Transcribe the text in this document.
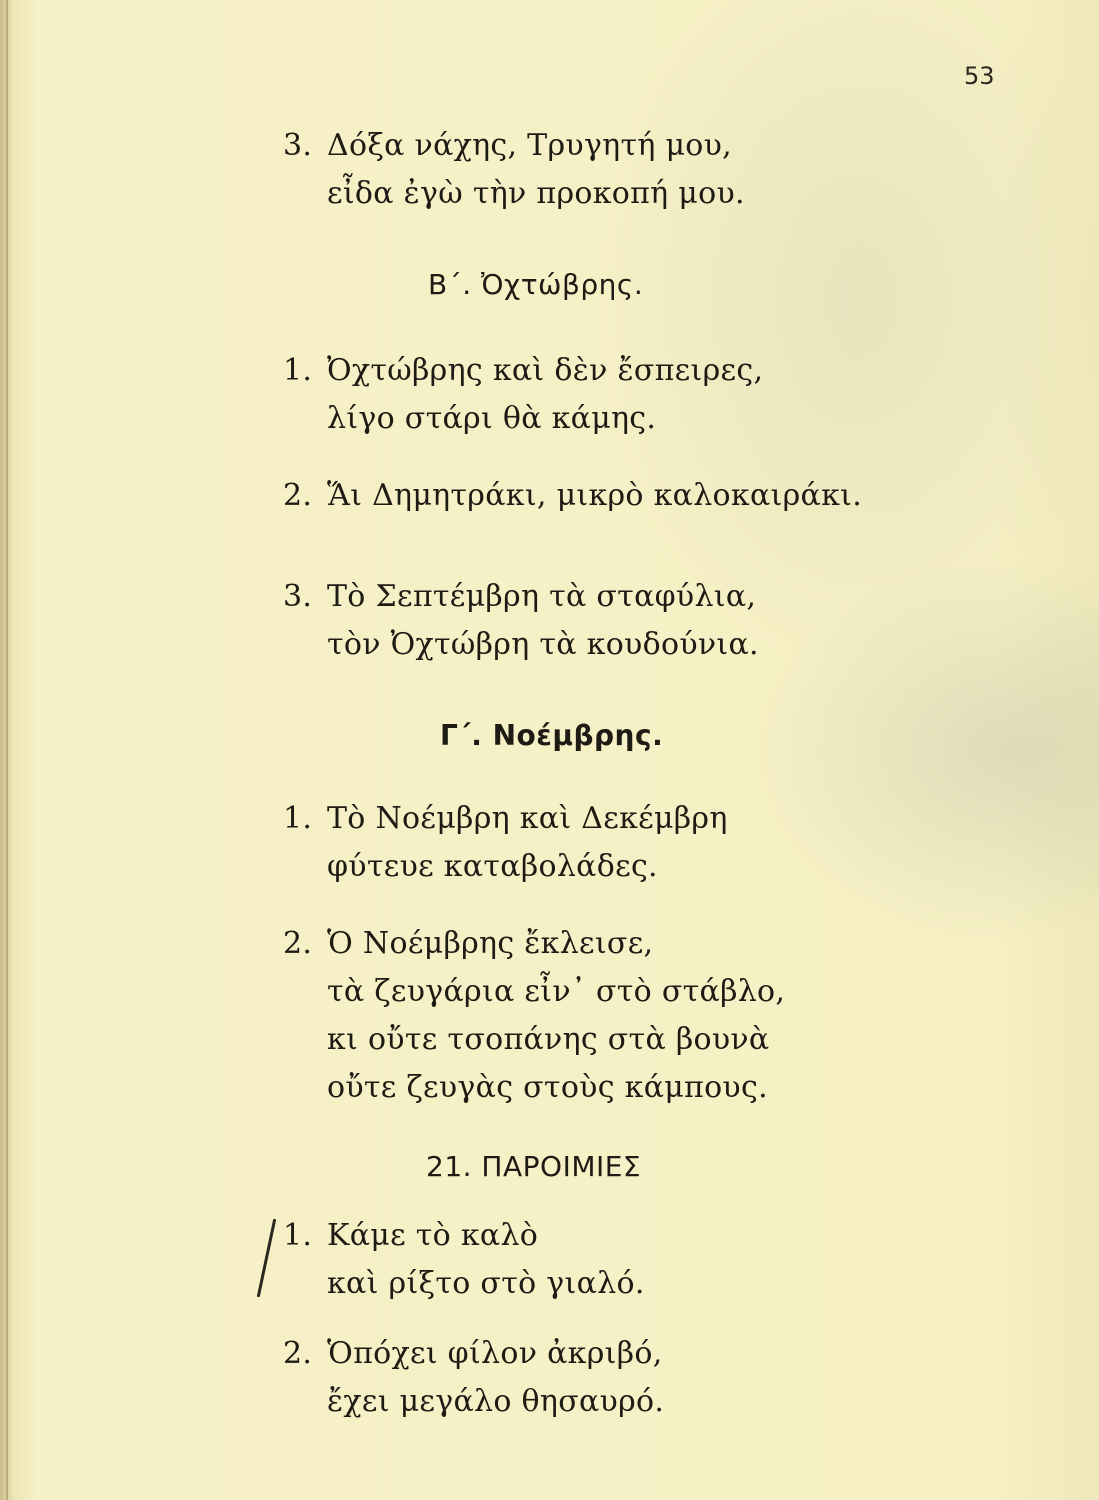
53
3. Δόξα νάχης, Τρυγητή μου,
εἶδα ἐγὼ τὴν προκοπή μου.
Β΄. Ὀχτώβρης.
1. Ὀχτώβρης καὶ δὲν ἔσπειρες,
λίγο στάρι θὰ κάμης.
2. Ἅι Δημητράκι, μικρὸ καλοκαιράκι.
3. Τὸ Σεπτέμβρη τὰ σταφύλια,
τὸν Ὀχτώβρη τὰ κουδούνια.
Γ΄. Νοέμβρης.
1. Τὸ Νοέμβρη καὶ Δεκέμβρη
φύτευε καταβολάδες.
2. Ὁ Νοέμβρης ἔκλεισε,
τὰ ζευγάρια εἶν᾿ στὸ στάβλο,
κι οὔτε τσοπάνης στὰ βουνὰ
οὔτε ζευγὰς στοὺς κάμπους.
21. ΠΑΡΟΙΜΙΕΣ
1. Κάμε τὸ καλὸ
καὶ ρίξτο στὸ γιαλό.
2. Ὁπόχει φίλον ἀκριβό,
ἔχει μεγάλο θησαυρό.
